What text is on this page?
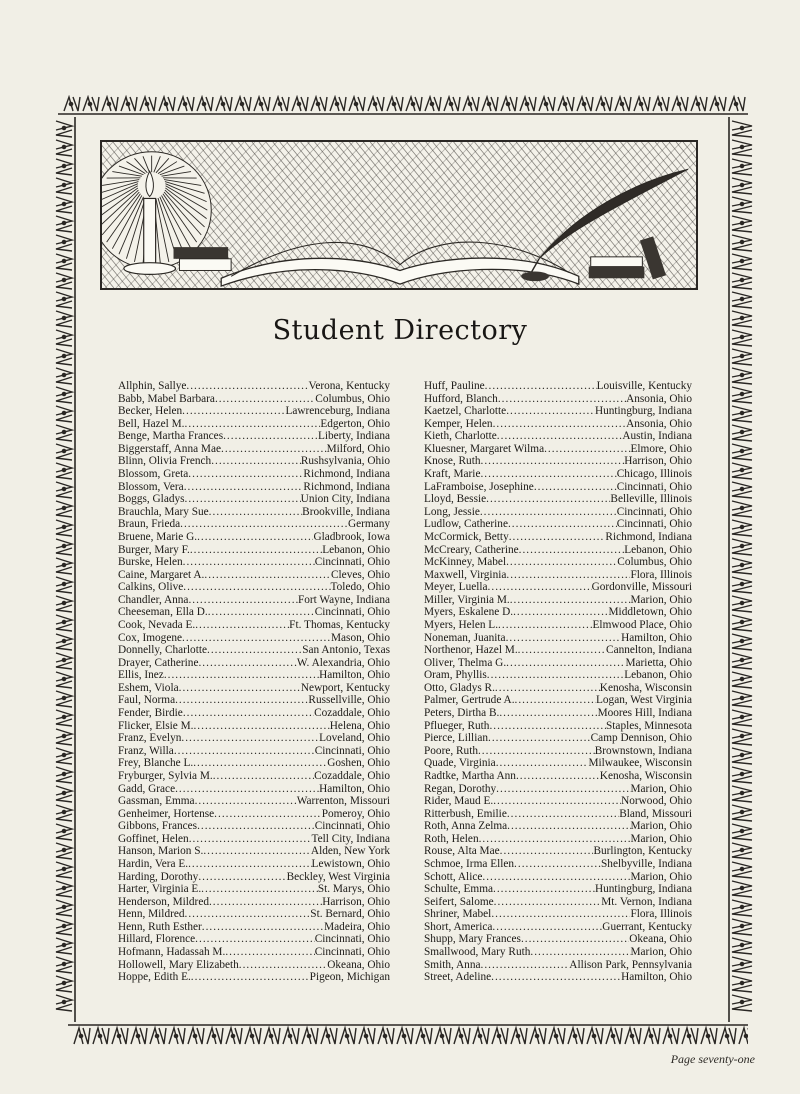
Student Directory
Allphin, Sallye .....	Verona, Kentucky
Babb, Mabel Barbara .....	Columbus, Ohio
Becker, Helen .....	Lawrenceburg, Indiana
Bell, Hazel M. .....	Edgerton, Ohio
Benge, Martha Frances .....	Liberty, Indiana
Biggerstaff, Anna Mae .....	Milford, Ohio
Blinn, Olivia French .....	Rushsylvania, Ohio
Blossom, Greta .....	Richmond, Indiana
Blossom, Vera .....	Richmond, Indiana
Boggs, Gladys .....	Union City, Indiana
Brauchla, Mary Sue .....	Brookville, Indiana
Braun, Frieda .....	Germany
Bruene, Marie G. .....	Gladbrook, Iowa
Burger, Mary F. .....	Lebanon, Ohio
Burske, Helen .....	Cincinnati, Ohio
Caine, Margaret A. .....	Cleves, Ohio
Calkins, Olive .....	Toledo, Ohio
Chandler, Anna .....	Fort Wayne, Indiana
Cheeseman, Ella D. .....	Cincinnati, Ohio
Cook, Nevada E. .....	Ft. Thomas, Kentucky
Cox, Imogene .....	Mason, Ohio
Donnelly, Charlotte .....	San Antonio, Texas
Drayer, Catherine .....	W. Alexandria, Ohio
Ellis, Inez .....	Hamilton, Ohio
Eshem, Viola .....	Newport, Kentucky
Faul, Norma .....	Russellville, Ohio
Fender, Birdie .....	Cozaddale, Ohio
Flicker, Elsie M. .....	Helena, Ohio
Franz, Evelyn .....	Loveland, Ohio
Franz, Willa .....	Cincinnati, Ohio
Frey, Blanche L. .....	Goshen, Ohio
Fryburger, Sylvia M. .....	Cozaddale, Ohio
Gadd, Grace .....	Hamilton, Ohio
Gassman, Emma .....	Warrenton, Missouri
Genheimer, Hortense .....	Pomeroy, Ohio
Gibbons, Frances .....	Cincinnati, Ohio
Goffinet, Helen .....	Tell City, Indiana
Hanson, Marion S. .....	Alden, New York
Hardin, Vera E. .....	Lewistown, Ohio
Harding, Dorothy .....	Beckley, West Virginia
Harter, Virginia E. .....	St. Marys, Ohio
Henderson, Mildred .....	Harrison, Ohio
Henn, Mildred .....	St. Bernard, Ohio
Henn, Ruth Esther .....	Madeira, Ohio
Hillard, Florence .....	Cincinnati, Ohio
Hofmann, Hadassah M. .....	Cincinnati, Ohio
Hollowell, Mary Elizabeth .....	Okeana, Ohio
Hoppe, Edith E. .....	Pigeon, Michigan
Huff, Pauline .....	Louisville, Kentucky
Hufford, Blanch .....	Ansonia, Ohio
Kaetzel, Charlotte .....	Huntingburg, Indiana
Kemper, Helen .....	Ansonia, Ohio
Kieth, Charlotte .....	Austin, Indiana
Kluesner, Margaret Wilma .....	Elmore, Ohio
Knose, Ruth .....	Harrison, Ohio
Kraft, Marie .....	Chicago, Illinois
LaFramboise, Josephine .....	Cincinnati, Ohio
Lloyd, Bessie .....	Belleville, Illinois
Long, Jessie .....	Cincinnati, Ohio
Ludlow, Catherine .....	Cincinnati, Ohio
McCormick, Betty .....	Richmond, Indiana
McCreary, Catherine .....	Lebanon, Ohio
McKinney, Mabel .....	Columbus, Ohio
Maxwell, Virginia .....	Flora, Illinois
Meyer, Luella .....	Gordonville, Missouri
Miller, Virginia M. .....	Marion, Ohio
Myers, Eskalene D. .....	Middletown, Ohio
Myers, Helen L. .....	Elmwood Place, Ohio
Noneman, Juanita .....	Hamilton, Ohio
Northenor, Hazel M. .....	Cannelton, Indiana
Oliver, Thelma G. .....	Marietta, Ohio
Oram, Phyllis .....	Lebanon, Ohio
Otto, Gladys R. .....	Kenosha, Wisconsin
Palmer, Gertrude A. .....	Logan, West Virginia
Peters, Dirtha B. .....	Moores Hill, Indiana
Pflueger, Ruth .....	Staples, Minnesota
Pierce, Lillian .....	Camp Dennison, Ohio
Poore, Ruth .....	Brownstown, Indiana
Quade, Virginia .....	Milwaukee, Wisconsin
Radtke, Martha Ann .....	Kenosha, Wisconsin
Regan, Dorothy .....	Marion, Ohio
Rider, Maud E. .....	Norwood, Ohio
Ritterbush, Emilie .....	Bland, Missouri
Roth, Anna Zelma .....	Marion, Ohio
Roth, Helen .....	Marion, Ohio
Rouse, Alta Mae .....	Burlington, Kentucky
Schmoe, Irma Ellen .....	Shelbyville, Indiana
Schott, Alice .....	Marion, Ohio
Schulte, Emma .....	Huntingburg, Indiana
Seifert, Salome .....	Mt. Vernon, Indiana
Shriner, Mabel .....	Flora, Illinois
Short, America .....	Guerrant, Kentucky
Shupp, Mary Frances .....	Okeana, Ohio
Smallwood, Mary Ruth .....	Marion, Ohio
Smith, Anna .....	Allison Park, Pennsylvania
Street, Adeline .....	Hamilton, Ohio
Page seventy-one
